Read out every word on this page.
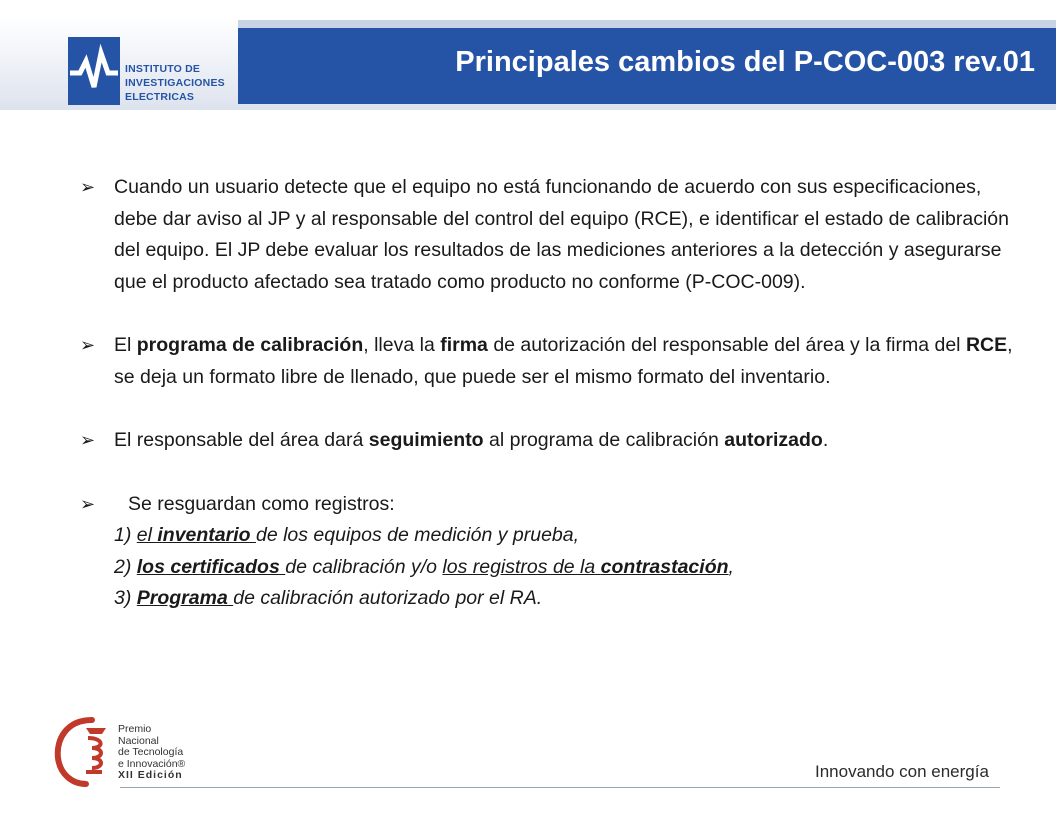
Principales cambios del P-COC-003 rev.01
INSTITUTO DE
INVESTIGACIONES
ELECTRICAS
➢ Cuando un usuario detecte que el equipo no está funcionando de acuerdo con sus especificaciones, debe dar aviso al JP y al responsable del control del equipo (RCE), e identificar el estado de calibración del equipo. El JP debe evaluar los resultados de las mediciones anteriores a la detección y asegurarse que el producto afectado sea tratado como producto no conforme (P-COC-009).
➢ El programa de calibración, lleva la firma de autorización del responsable del área y la firma del RCE, se deja un formato libre de llenado, que puede ser el mismo formato del inventario.
➢ El responsable del área dará seguimiento al programa de calibración autorizado.
➢ Se resguardan como registros:
1) el inventario de los equipos de medición y prueba,
2) los certificados de calibración y/o los registros de la contrastación,
3) Programa de calibración autorizado por el RA.
Premio
Nacional
de Tecnología
e Innovación®
XII Edición	Innovando con energía
